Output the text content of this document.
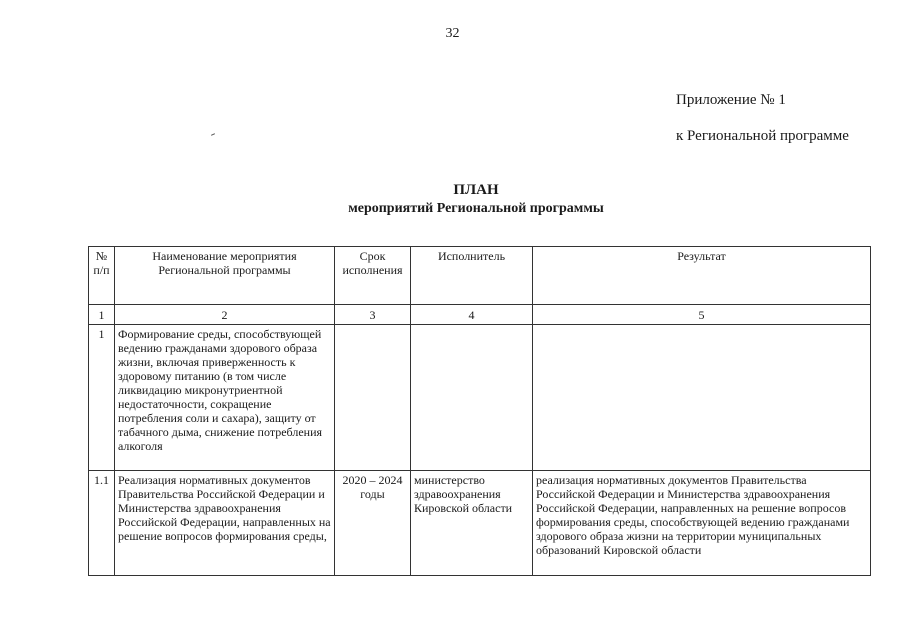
32
Приложение № 1
к Региональной программе
ПЛАН
мероприятий Региональной программы
№ п/п	Наименование мероприятия Региональной программы	Срок исполнения	Исполнитель	Результат
1	2	3	4	5
1	Формирование среды, способствующей ведению гражданами здорового образа жизни, включая приверженность к здоровому питанию (в том числе ликвидацию микронутриентной недостаточности, сокращение потребления соли и сахара), защиту от табачного дыма, снижение потребления алкоголя			
1.1	Реализация нормативных документов Правительства Российской Федерации и Министерства здравоохранения Российской Федерации, направленных на решение вопросов формирования среды,	2020 – 2024 годы	министерство здравоохранения Кировской области	реализация нормативных документов Правительства Российской Федерации и Министерства здравоохранения Российской Федерации, направленных на решение вопросов формирования среды, способствующей ведению гражданами здорового образа жизни на территории муниципальных образований Кировской области
